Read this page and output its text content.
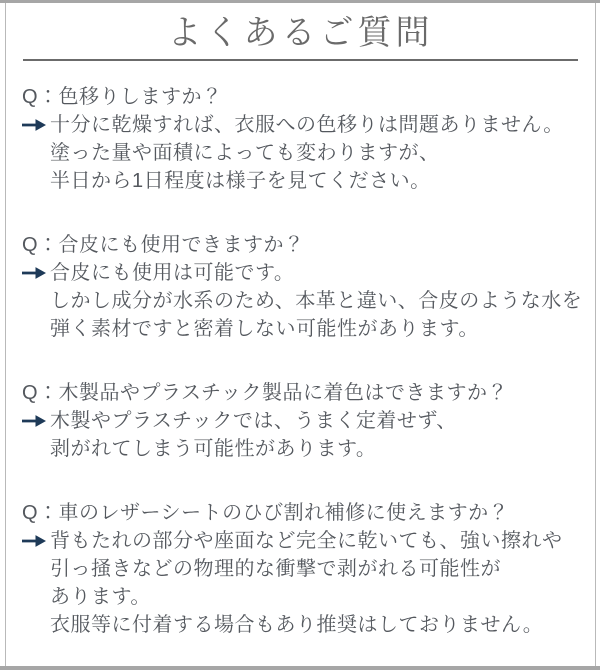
よくあるご質問
Q：色移りしますか？
十分に乾燥すれば、衣服への色移りは問題ありません。
塗った量や面積によっても変わりますが、
半日から1日程度は様子を見てください。
Q：合皮にも使用できますか？
合皮にも使用は可能です。
しかし成分が水系のため、本革と違い、合皮のような水を
弾く素材ですと密着しない可能性があります。
Q：木製品やプラスチック製品に着色はできますか？
木製やプラスチックでは、うまく定着せず、
剥がれてしまう可能性があります。
Q：車のレザーシートのひび割れ補修に使えますか？
背もたれの部分や座面など完全に乾いても、強い擦れや
引っ掻きなどの物理的な衝撃で剥がれる可能性が
あります。
衣服等に付着する場合もあり推奨はしておりません。
